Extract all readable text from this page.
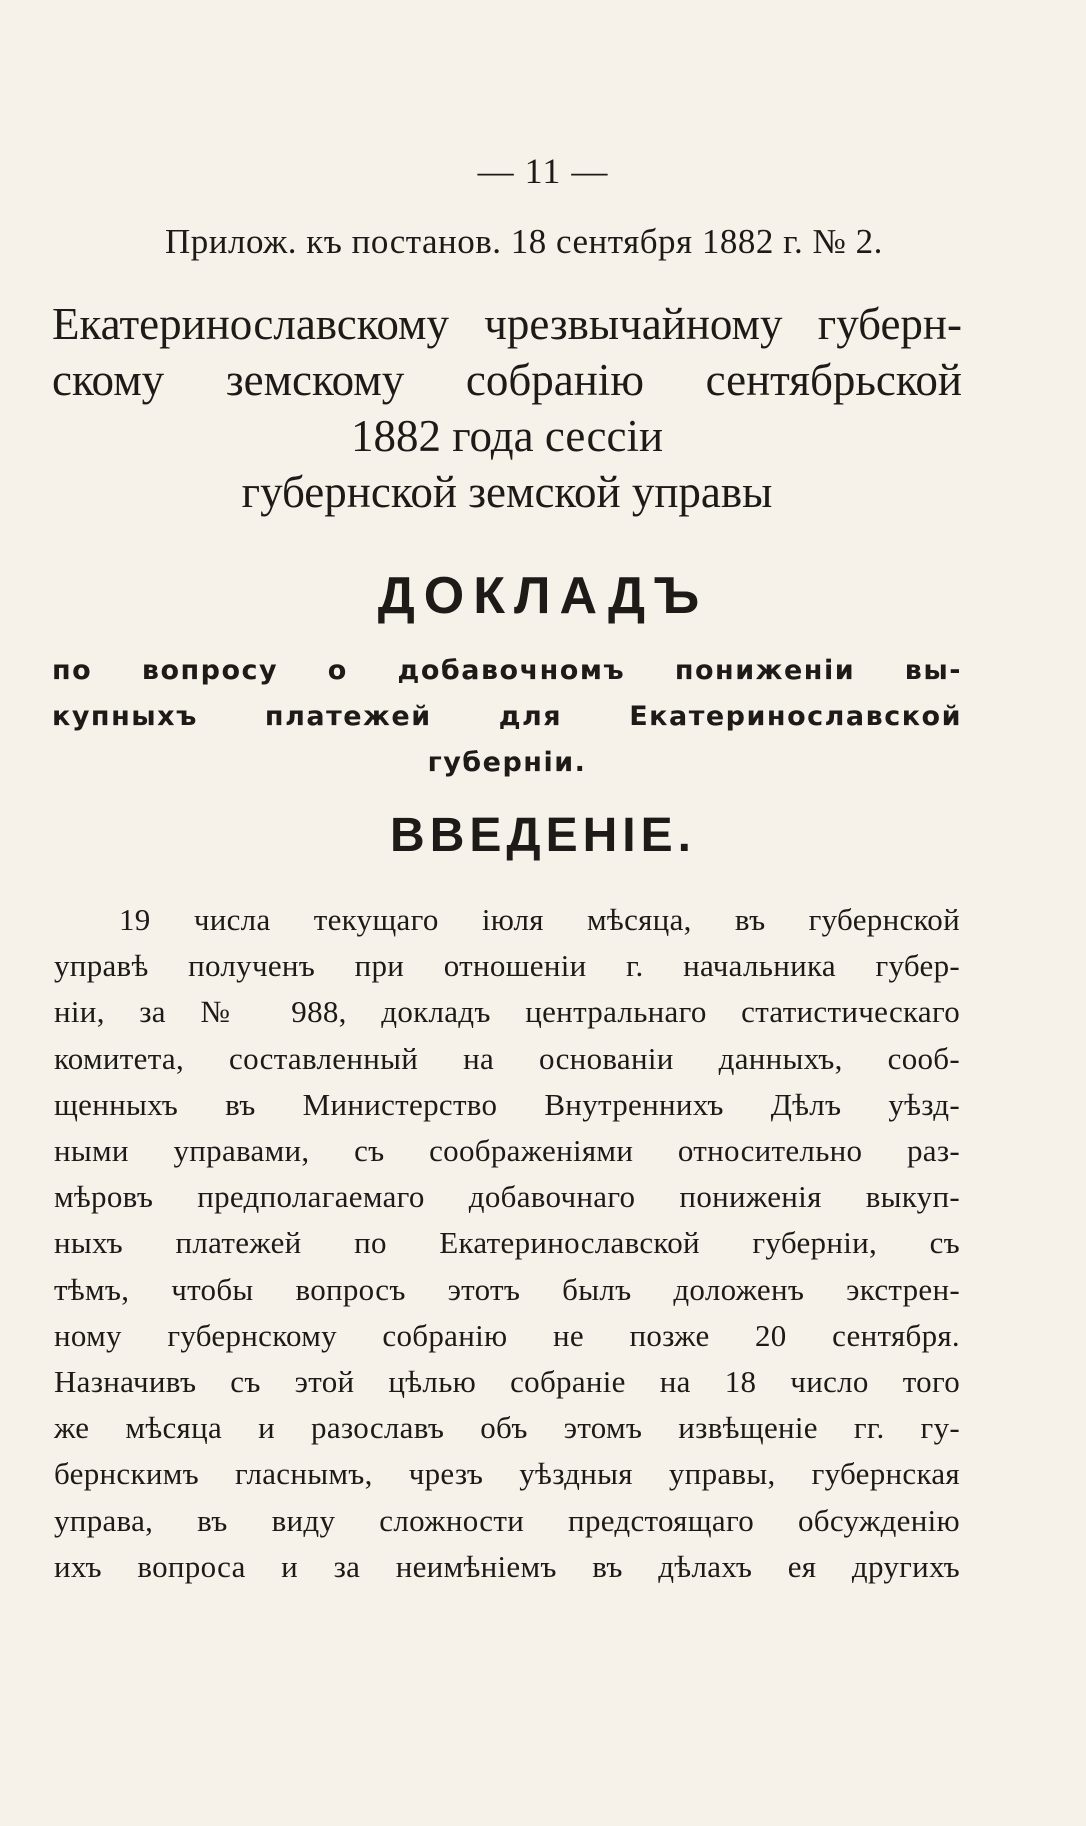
— 11 —
Прилож. къ постанов. 18 сентября 1882 г. № 2.
Екатеринославскому чрезвычайному губерн-
скому земскому собранію сентябрьской
1882 года сессіи
губернской земской управы
ДОКЛАДЪ
по вопросу о добавочномъ пониженіи вы-
купныхъ платежей для Екатеринославской
губерніи.
ВВЕДЕНІЕ.
19 числа текущаго іюля мѣсяца, въ губернской
управѣ полученъ при отношеніи г. начальника губер-
ніи, за № 988, докладъ центральнаго статистическаго
комитета, составленный на основаніи данныхъ, сооб-
щенныхъ въ Министерство Внутреннихъ Дѣлъ уѣзд-
ными управами, съ соображеніями относительно раз-
мѣровъ предполагаемаго добавочнаго пониженія выкуп-
ныхъ платежей по Екатеринославской губерніи, съ
тѣмъ, чтобы вопросъ этотъ былъ доложенъ экстрен-
ному губернскому собранію не позже 20 сентября.
Назначивъ съ этой цѣлью собраніе на 18 число того
же мѣсяца и разославъ объ этомъ извѣщеніе гг. гу-
бернскимъ гласнымъ, чрезъ уѣздныя управы, губернская
управа, въ виду сложности предстоящаго обсужденію
ихъ вопроса и за неимѣніемъ въ дѣлахъ ея другихъ
